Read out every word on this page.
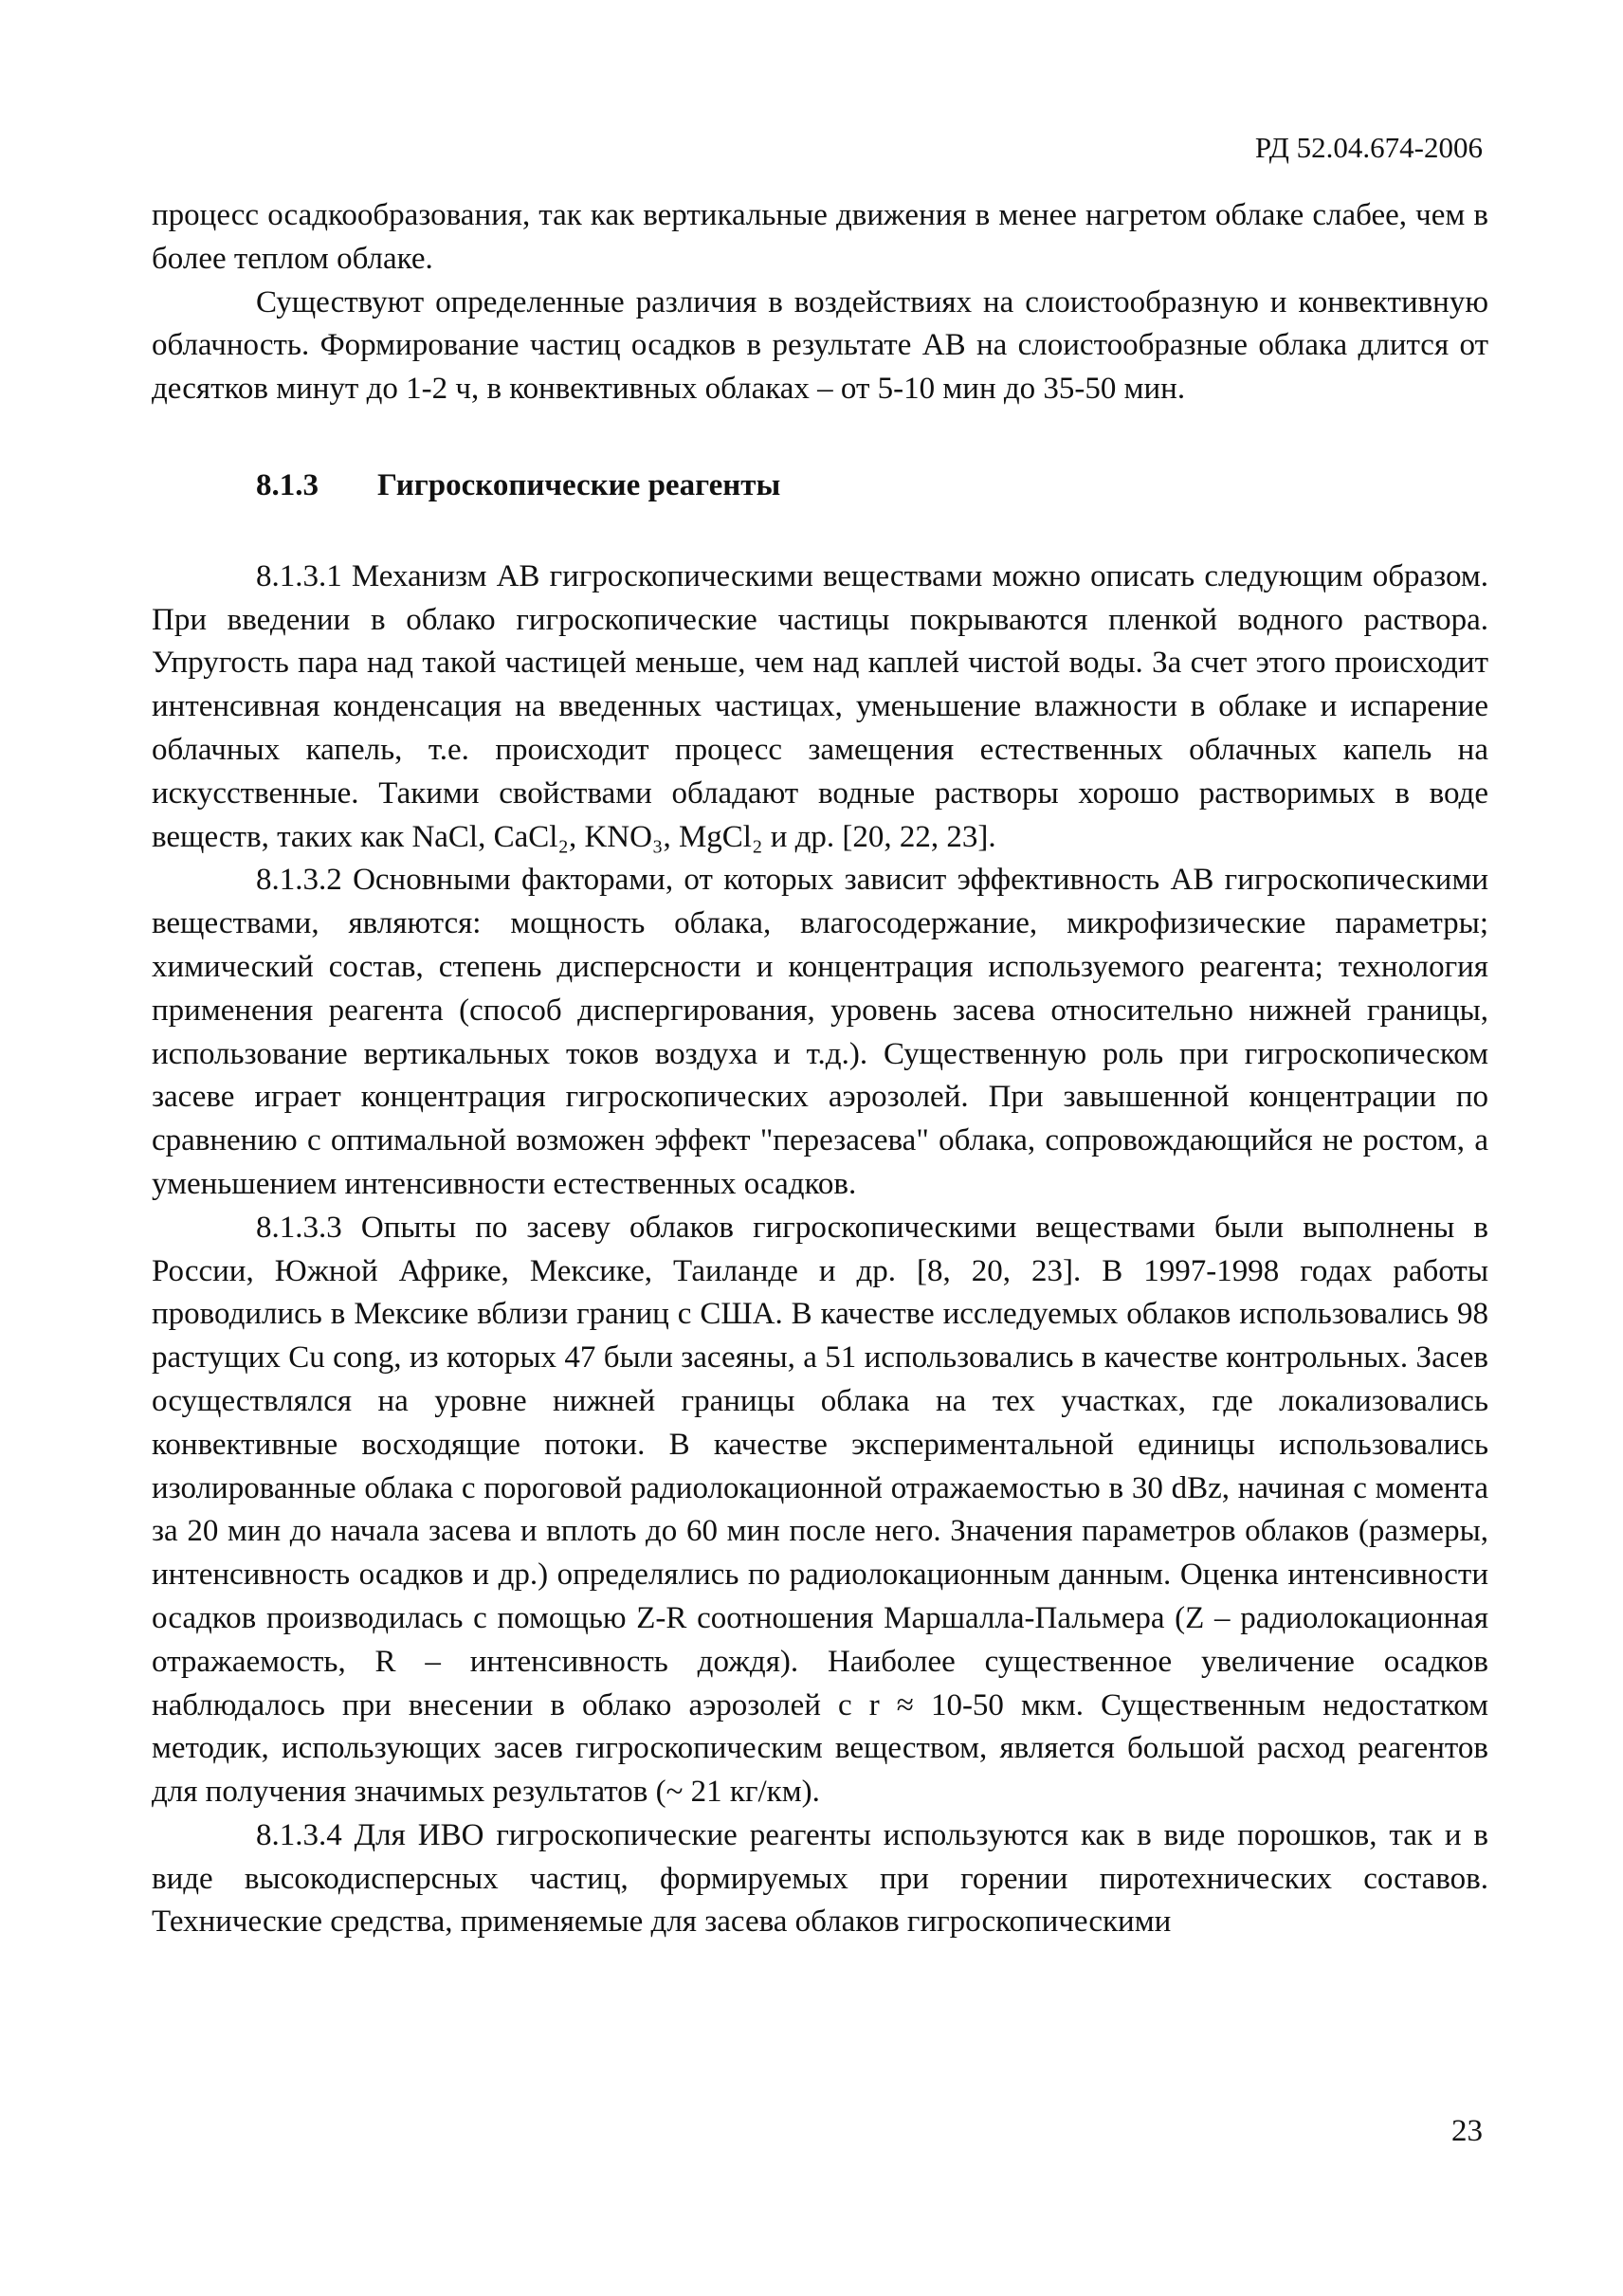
РД 52.04.674-2006

процесс осадкообразования, так как вертикальные движения в менее нагретом облаке слабее, чем в более теплом облаке.

Существуют определенные различия в воздействиях на слоистообразную и конвективную облачность. Формирование частиц осадков в результате АВ на слоистообразные облака длится от десятков минут до 1-2 ч, в конвективных облаках – от 5-10 мин до 35-50 мин.

8.1.3 Гигроскопические реагенты

8.1.3.1 Механизм АВ гигроскопическими веществами можно описать следующим образом. При введении в облако гигроскопические частицы покрываются пленкой водного раствора. Упругость пара над такой частицей меньше, чем над каплей чистой воды. За счет этого происходит интенсивная конденсация на введенных частицах, уменьшение влажности в облаке и испарение облачных капель, т.е. происходит процесс замещения естественных облачных капель на искусственные. Такими свойствами обладают водные растворы хорошо растворимых в воде веществ, таких как NaCl, CaCl₂, KNO₃, MgCl₂ и др. [20, 22, 23].

8.1.3.2 Основными факторами, от которых зависит эффективность АВ гигроскопическими веществами, являются: мощность облака, влагосодержание, микрофизические параметры; химический состав, степень дисперсности и концентрация используемого реагента; технология применения реагента (способ диспергирования, уровень засева относительно нижней границы, использование вертикальных токов воздуха и т.д.). Существенную роль при гигроскопическом засеве играет концентрация гигроскопических аэрозолей. При завышенной концентрации по сравнению с оптимальной возможен эффект "перезасева" облака, сопровождающийся не ростом, а уменьшением интенсивности естественных осадков.

8.1.3.3 Опыты по засеву облаков гигроскопическими веществами были выполнены в России, Южной Африке, Мексике, Таиланде и др. [8, 20, 23]. В 1997-1998 годах работы проводились в Мексике вблизи границ с США. В качестве исследуемых облаков использовались 98 растущих Cu cong, из которых 47 были засеяны, а 51 использовались в качестве контрольных. Засев осуществлялся на уровне нижней границы облака на тех участках, где локализовались конвективные восходящие потоки. В качестве экспериментальной единицы использовались изолированные облака с пороговой радиолокационной отражаемостью в 30 dBz, начиная с момента за 20 мин до начала засева и вплоть до 60 мин после него. Значения параметров облаков (размеры, интенсивность осадков и др.) определялись по радиолокационным данным. Оценка интенсивности осадков производилась с помощью Z-R соотношения Маршалла-Пальмера (Z – радиолокационная отражаемость, R – интенсивность дождя). Наиболее существенное увеличение осадков наблюдалось при внесении в облако аэрозолей с r ≈ 10-50 мкм. Существенным недостатком методик, использующих засев гигроскопическим веществом, является большой расход реагентов для получения значимых результатов (~ 21 кг/км).

8.1.3.4 Для ИВО гигроскопические реагенты используются как в виде порошков, так и в виде высокодисперсных частиц, формируемых при горении пиротехнических составов. Технические средства, применяемые для засева облаков гигроскопическими

23
